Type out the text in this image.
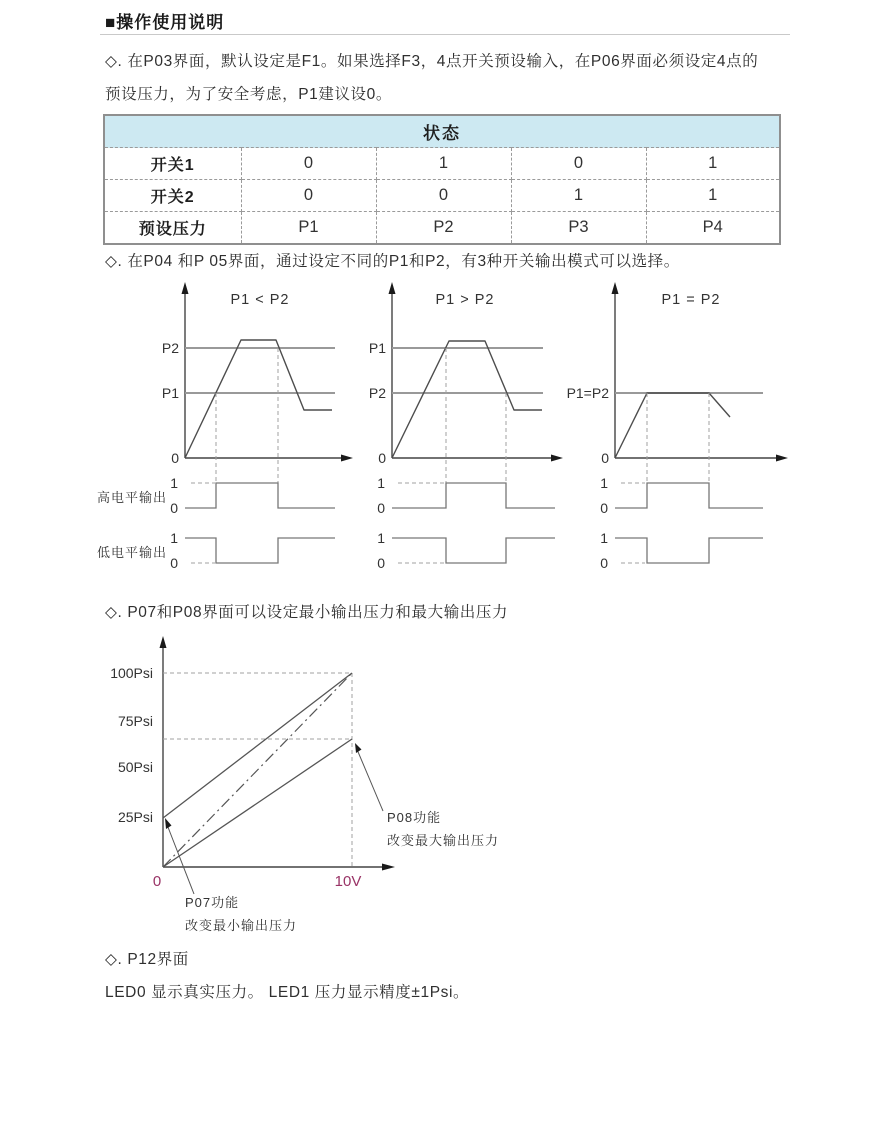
■操作使用说明
◇. 在P03界面，默认设定是F1。如果选择F3，4点开关预设输入，在P06界面必须设定4点的
预设压力，为了安全考虑，P1建议设0。
状态				
开关1	0	1	0	1
开关2	0	0	1	1
预设压力	P1	P2	P3	P4
◇. 在P04 和P 05界面，通过设定不同的P1和P2，有3种开关输出模式可以选择。
P1 < P2
P2
P1
0
1
0
1
0
高电平输出
低电平输出
P1 > P2
P1
P2
0
1
0
1
0
P1 = P2
P1=P2
0
1
0
1
0
◇. P07和P08界面可以设定最小输出压力和最大输出压力
100Psi
75Psi
50Psi
25Psi
0	10V
P07功能
改变最小输出压力
P08功能
改变最大输出压力
◇. P12界面
LED0 显示真实压力。 LED1 压力显示精度±1Psi。
